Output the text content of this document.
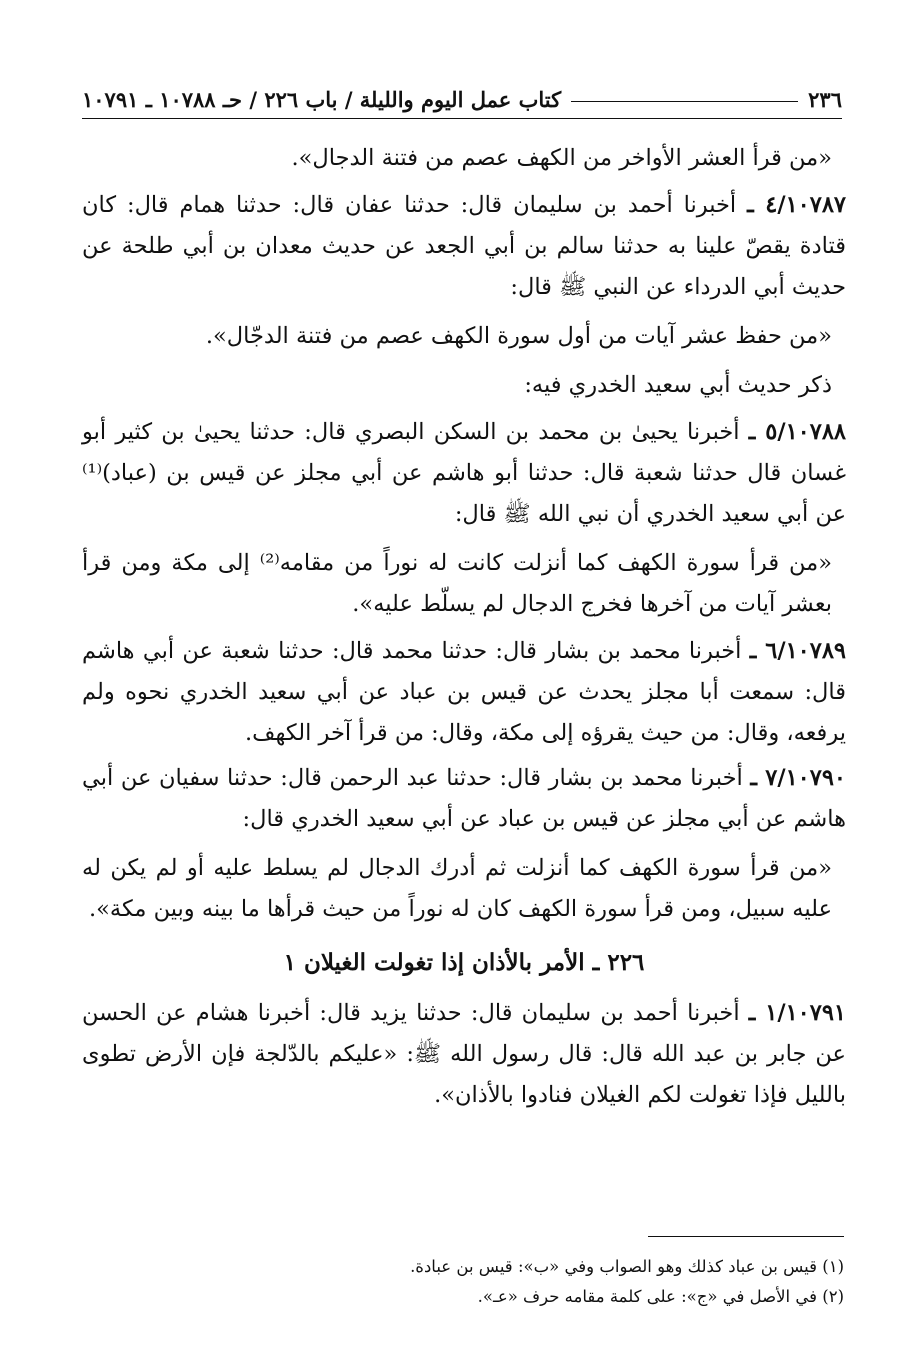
٢٣٦
كتاب عمل اليوم والليلة / باب ٢٢٦ / حـ ١٠٧٨٨ ـ ١٠٧٩١

«من قرأ العشر الأواخر من الكهف عصم من فتنة الدجال».

٤/١٠٧٨٧ ـ أخبرنا أحمد بن سليمان قال: حدثنا عفان قال: حدثنا همام قال: كان قتادة يقصّ علينا به حدثنا سالم بن أبي الجعد عن حديث معدان بن أبي طلحة عن حديث أبي الدرداء عن النبي ﷺ قال:

«من حفظ عشر آيات من أول سورة الكهف عصم من فتنة الدجّال».

ذكر حديث أبي سعيد الخدري فيه:

٥/١٠٧٨٨ ـ أخبرنا يحيىٰ بن محمد بن السكن البصري قال: حدثنا يحيىٰ بن كثير أبو غسان قال حدثنا شعبة قال: حدثنا أبو هاشم عن أبي مجلز عن قيس بن (عباد)⁽¹⁾ عن أبي سعيد الخدري أن نبي الله ﷺ قال:

«من قرأ سورة الكهف كما أنزلت كانت له نوراً من مقامه⁽²⁾ إلى مكة ومن قرأ بعشر آيات من آخرها فخرج الدجال لم يسلّط عليه».

٦/١٠٧٨٩ ـ أخبرنا محمد بن بشار قال: حدثنا محمد قال: حدثنا شعبة عن أبي هاشم قال: سمعت أبا مجلز يحدث عن قيس بن عباد عن أبي سعيد الخدري نحوه ولم يرفعه، وقال: من حيث يقرؤه إلى مكة، وقال: من قرأ آخر الكهف.

٧/١٠٧٩٠ ـ أخبرنا محمد بن بشار قال: حدثنا عبد الرحمن قال: حدثنا سفيان عن أبي هاشم عن أبي مجلز عن قيس بن عباد عن أبي سعيد الخدري قال:

«من قرأ سورة الكهف كما أنزلت ثم أدرك الدجال لم يسلط عليه أو لم يكن له عليه سبيل، ومن قرأ سورة الكهف كان له نوراً من حيث قرأها ما بينه وبين مكة».

٢٢٦ ـ الأمر بالأذان إذا تغولت الغيلان ١

١/١٠٧٩١ ـ أخبرنا أحمد بن سليمان قال: حدثنا يزيد قال: أخبرنا هشام عن الحسن عن جابر بن عبد الله قال: قال رسول الله ﷺ: «عليكم بالدّلجة فإن الأرض تطوى بالليل فإذا تغولت لكم الغيلان فنادوا بالأذان».

(١) قيس بن عباد كذلك وهو الصواب وفي «ب»: قيس بن عبادة.

(٢) في الأصل في «ج»: على كلمة مقامه حرف «عـ».
